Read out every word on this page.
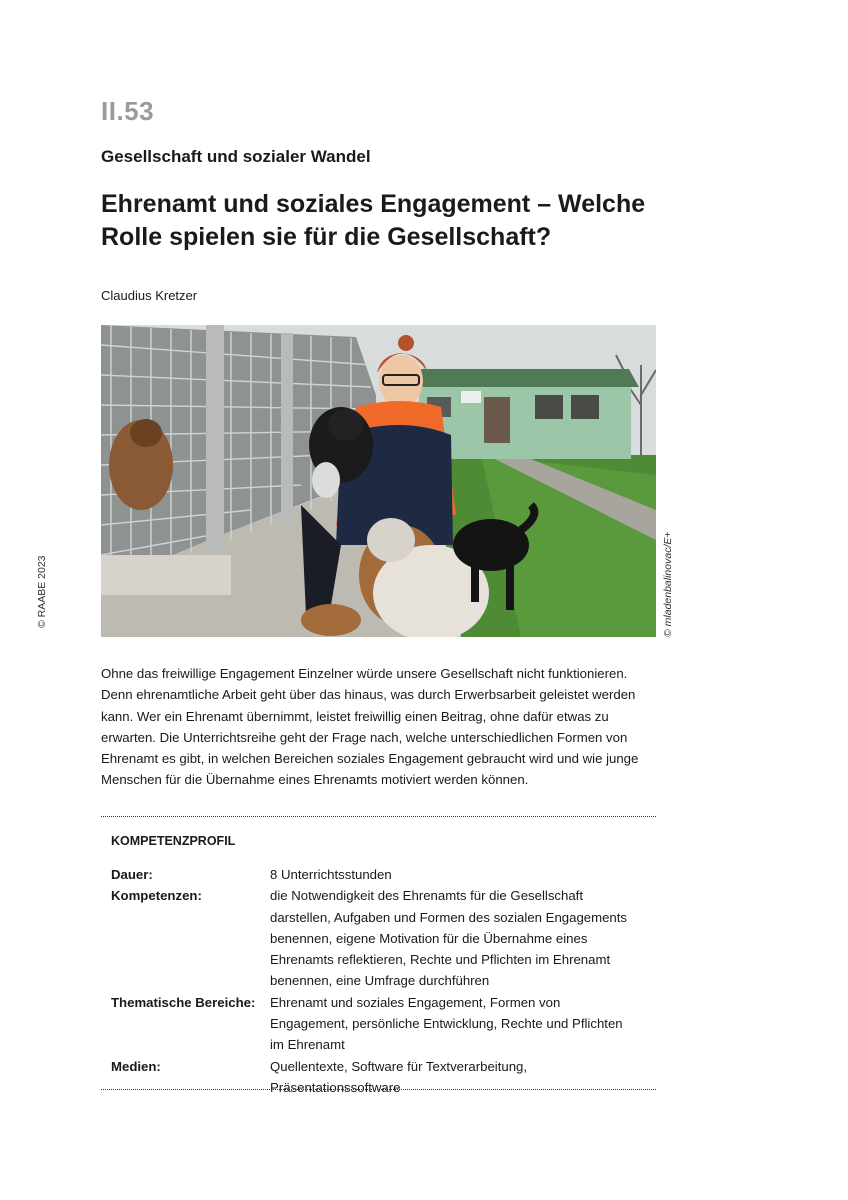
II.53
Gesellschaft und sozialer Wandel
Ehrenamt und soziales Engagement – Welche Rolle spielen sie für die Gesellschaft?
Claudius Kretzer
© mladenbalinovac/E+
© RAABE 2023

Ohne das freiwillige Engagement Einzelner würde unsere Gesellschaft nicht funktionieren. Denn ehrenamtliche Arbeit geht über das hinaus, was durch Erwerbsarbeit geleistet werden kann. Wer ein Ehrenamt übernimmt, leistet freiwillig einen Beitrag, ohne dafür etwas zu erwarten. Die Unterrichtsreihe geht der Frage nach, welche unterschiedlichen Formen von Ehrenamt es gibt, in welchen Bereichen soziales Engagement gebraucht wird und wie junge Menschen für die Übernahme eines Ehrenamts motiviert werden können.

KOMPETENZPROFIL
Dauer:	8 Unterrichtsstunden
Kompetenzen:	die Notwendigkeit des Ehrenamts für die Gesellschaft darstellen, Aufgaben und Formen des sozialen Engagements benennen, eigene Motivation für die Übernahme eines Ehrenamts reflektieren, Rechte und Pflichten im Ehrenamt benennen, eine Umfrage durchführen
Thematische Bereiche:	Ehrenamt und soziales Engagement, Formen von Engagement, persönliche Entwicklung, Rechte und Pflichten im Ehrenamt
Medien:	Quellentexte, Software für Textverarbeitung, Präsentationssoftware
